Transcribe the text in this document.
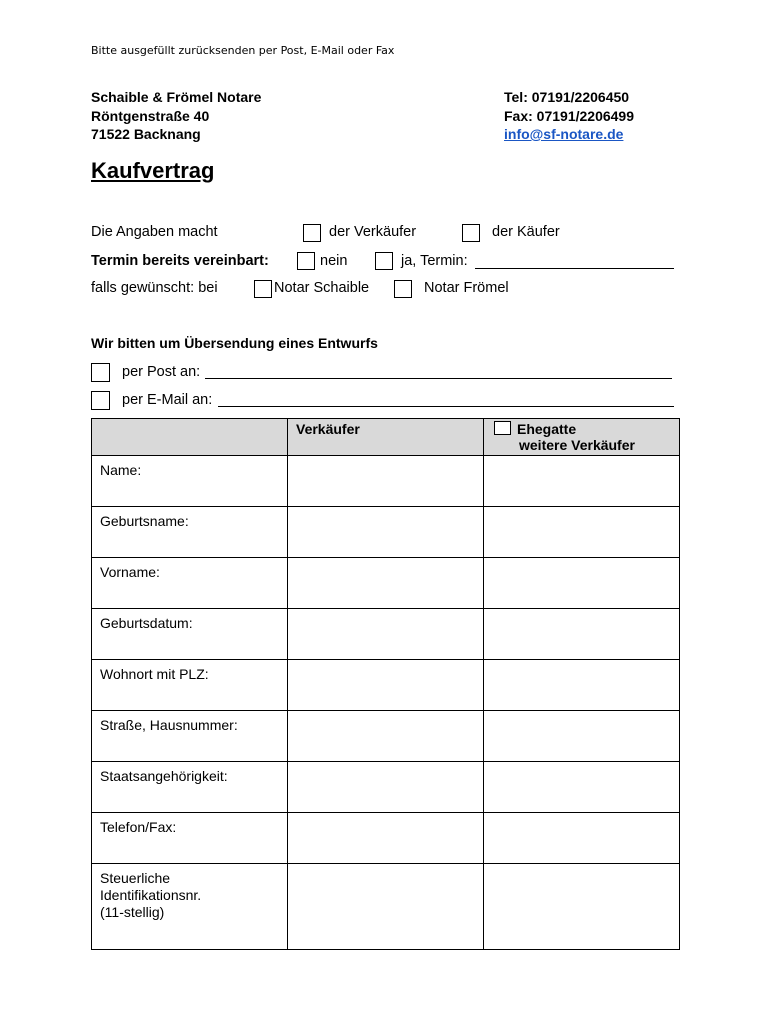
Bitte ausgefüllt zurücksenden per Post, E-Mail oder Fax
Schaible & Frömel Notare
Röntgenstraße 40
71522 Backnang
Tel: 07191/2206450
Fax: 07191/2206499
info@sf-notare.de
Kaufvertrag
Die Angaben macht	der Verkäufer	der Käufer
Termin bereits vereinbart:	nein	ja, Termin:
falls gewünscht: bei	Notar Schaible	Notar Frömel
Wir bitten um Übersendung eines Entwurfs
per Post an:
per E-Mail an:
	Verkäufer	Ehegatte
weitere Verkäufer

Name:		
Geburtsname:		
Vorname:		
Geburtsdatum:		
Wohnort mit PLZ:		
Straße, Hausnummer:		
Staatsangehörigkeit:		
Telefon/Fax:		

Steuerliche
Identifikationsnr.
(11-stellig)		
